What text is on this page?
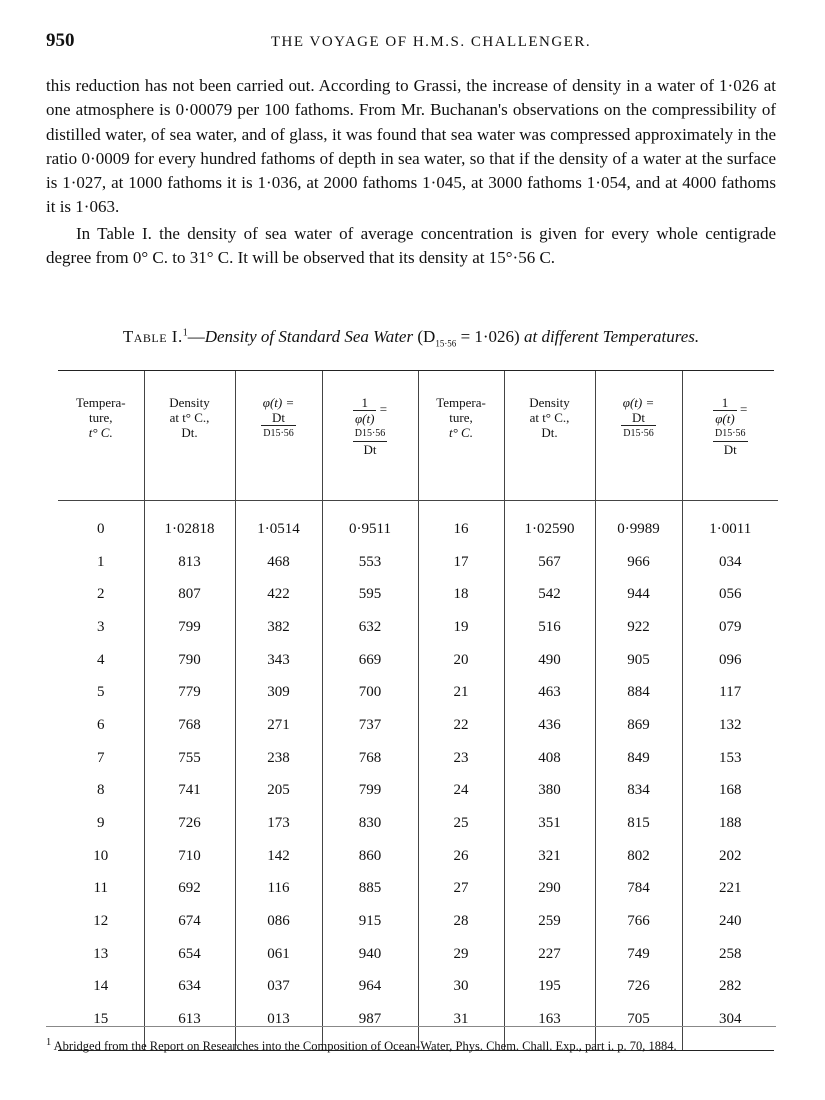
950	THE VOYAGE OF H.M.S. CHALLENGER.

this reduction has not been carried out. According to Grassi, the increase of density in a water of 1·026 at one atmosphere is 0·00079 per 100 fathoms. From Mr. Buchanan's observations on the compressibility of distilled water, of sea water, and of glass, it was found that sea water was compressed approximately in the ratio 0·0009 for every hundred fathoms of depth in sea water, so that if the density of a water at the surface is 1·027, at 1000 fathoms it is 1·036, at 2000 fathoms 1·045, at 3000 fathoms 1·054, and at 4000 fathoms it is 1·063.

In Table I. the density of sea water of average concentration is given for every whole centigrade degree from 0° C. to 31° C. It will be observed that its density at 15°·56 C.

Table I.$^1$—Density of Standard Sea Water $(D_{15\cdot 56} = 1\cdot 026)$ at different Temperatures.
Tempera-
ture,
t° C.	Density
at t° C.,
Dt.	φ(t) =

$\frac{Dt}{D15\cdot 56}$	$\frac{1}{\varphi(t)}$ =

$\frac{D15\cdot 56}{Dt}$	Tempera-
ture,
t° C.	Density
at t° C.,
Dt.	φ(t) =

$\frac{Dt}{D15\cdot 56}$	$\frac{1}{\varphi(t)}$ =

$\frac{D15\cdot 56}{Dt}$

0	1·02818	1·0514	0·9511	16	1·02590	0·9989	1·0011
1	813	468	553	17	567	966	034
2	807	422	595	18	542	944	056
3	799	382	632	19	516	922	079
4	790	343	669	20	490	905	096
5	779	309	700	21	463	884	117
6	768	271	737	22	436	869	132
7	755	238	768	23	408	849	153
8	741	205	799	24	380	834	168
9	726	173	830	25	351	815	188
10	710	142	860	26	321	802	202
11	692	116	885	27	290	784	221
12	674	086	915	28	259	766	240
13	654	061	940	29	227	749	258
14	634	037	964	30	195	726	282
15	613	013	987	31	163	705	304
$^1$ Abridged from the Report on Researches into the Composition of Ocean-Water, Phys. Chem. Chall. Exp., part i. p. 70, 1884.
